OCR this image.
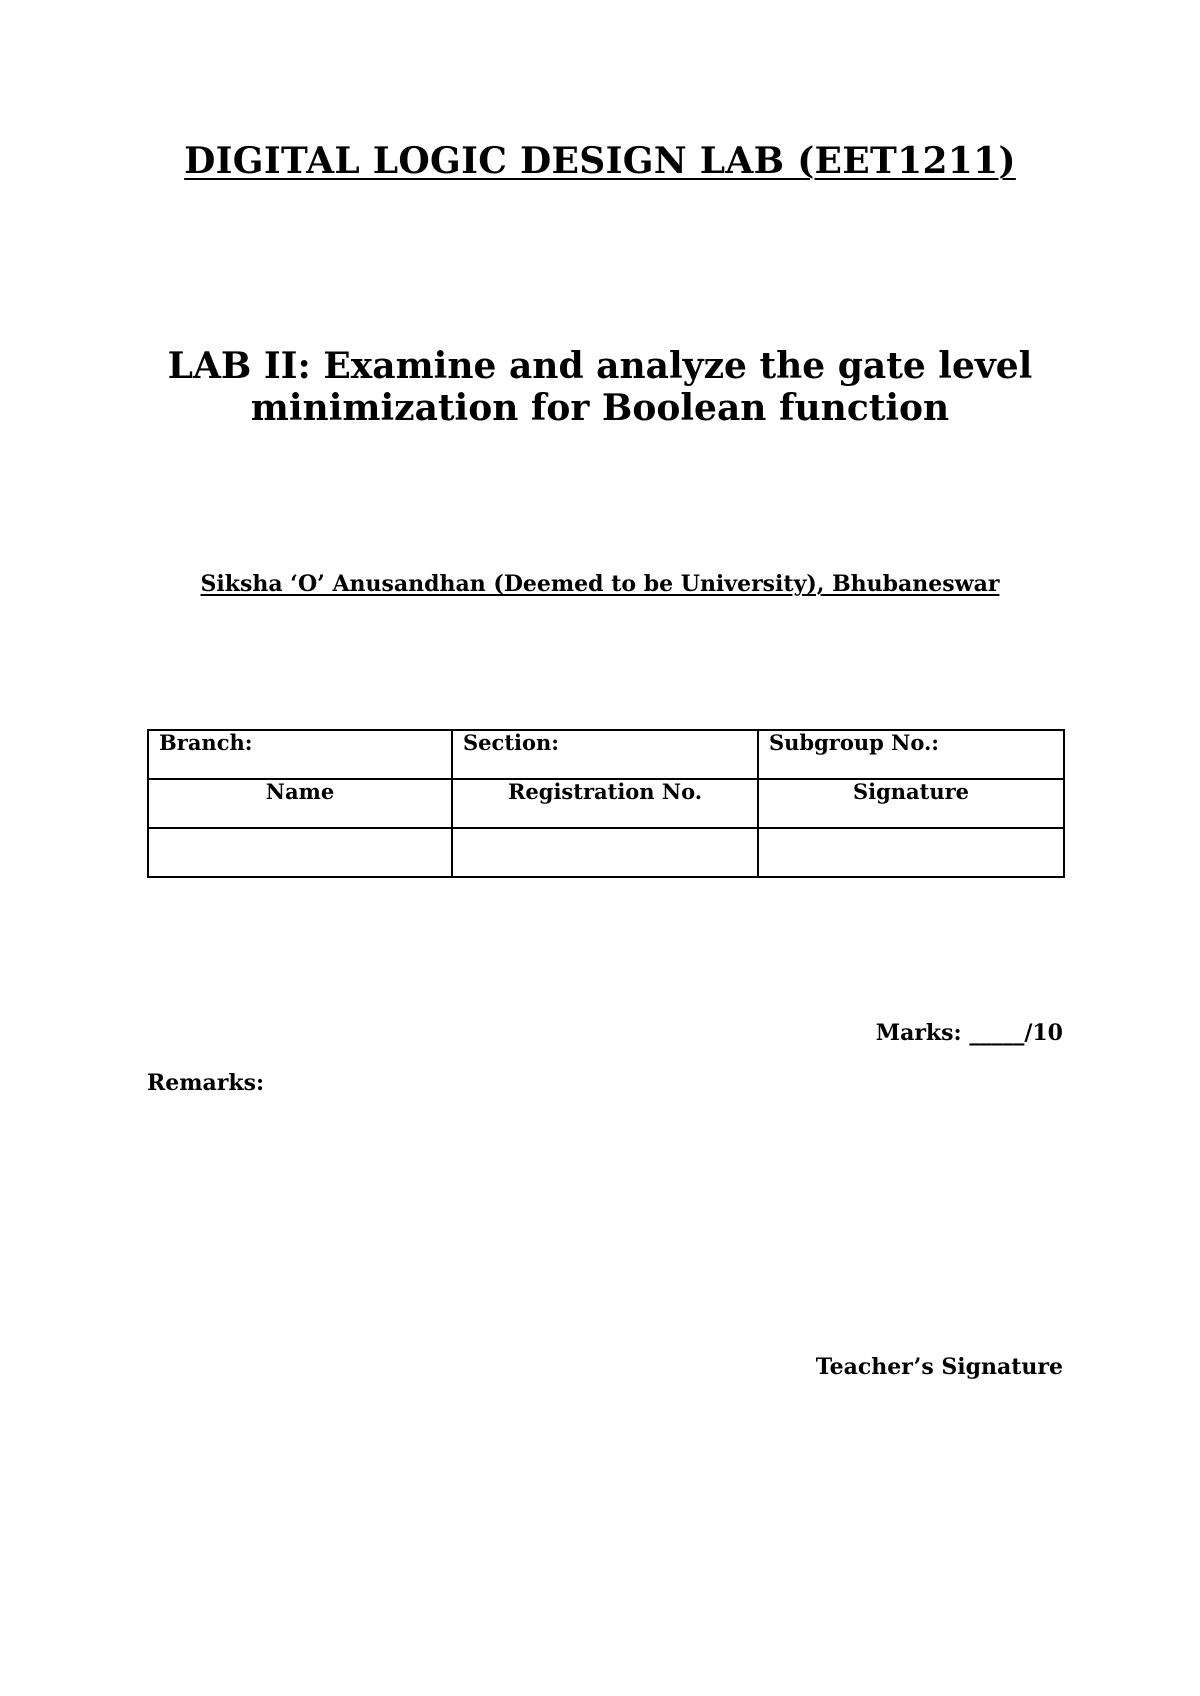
DIGITAL LOGIC DESIGN LAB (EET1211)
LAB II: Examine and analyze the gate level
minimization for Boolean function

Siksha ‘O’ Anusandhan (Deemed to be University), Bhubaneswar

Branch:	Section:	Subgroup No.:
Name	Registration No.	Signature

Marks: _____/10
Remarks:
Teacher’s Signature
